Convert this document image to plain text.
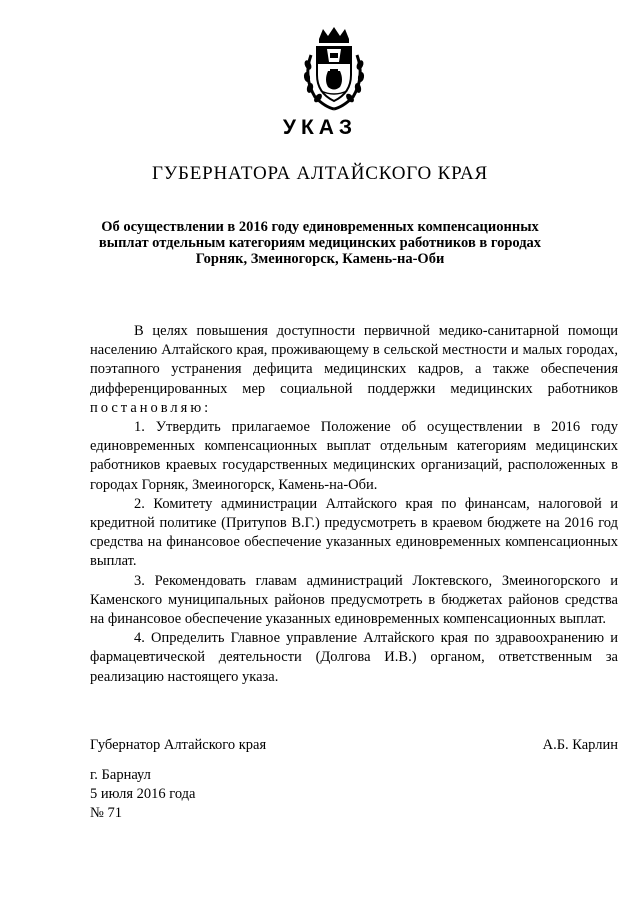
УКАЗ
ГУБЕРНАТОРА АЛТАЙСКОГО КРАЯ
Об осуществлении в 2016 году единовременных компенсационных выплат отдельным категориям медицинских работников в городах Горняк, Змеиногорск, Камень-на-Оби

В целях повышения доступности первичной медико-санитарной помощи населению Алтайского края, проживающему в сельской местности и малых городах, поэтапного устранения дефицита медицинских кадров, а также обеспечения дифференцированных мер социальной поддержки медицинских работников постановляю:

1. Утвердить прилагаемое Положение об осуществлении в 2016 году единовременных компенсационных выплат отдельным категориям медицинских работников краевых государственных медицинских организаций, расположенных в городах Горняк, Змеиногорск, Камень-на-Оби.

2. Комитету администрации Алтайского края по финансам, налоговой и кредитной политике (Притупов В.Г.) предусмотреть в краевом бюджете на 2016 год средства на финансовое обеспечение указанных единовременных компенсационных выплат.

3. Рекомендовать главам администраций Локтевского, Змеиногорского и Каменского муниципальных районов предусмотреть в бюджетах районов средства на финансовое обеспечение указанных единовременных компенсационных выплат.

4. Определить Главное управление Алтайского края по здравоохранению и фармацевтической деятельности (Долгова И.В.) органом, ответственным за реализацию настоящего указа.

Губернатор Алтайского края	А.Б. Карлин
г. Барнаул
5 июля 2016 года
№ 71
